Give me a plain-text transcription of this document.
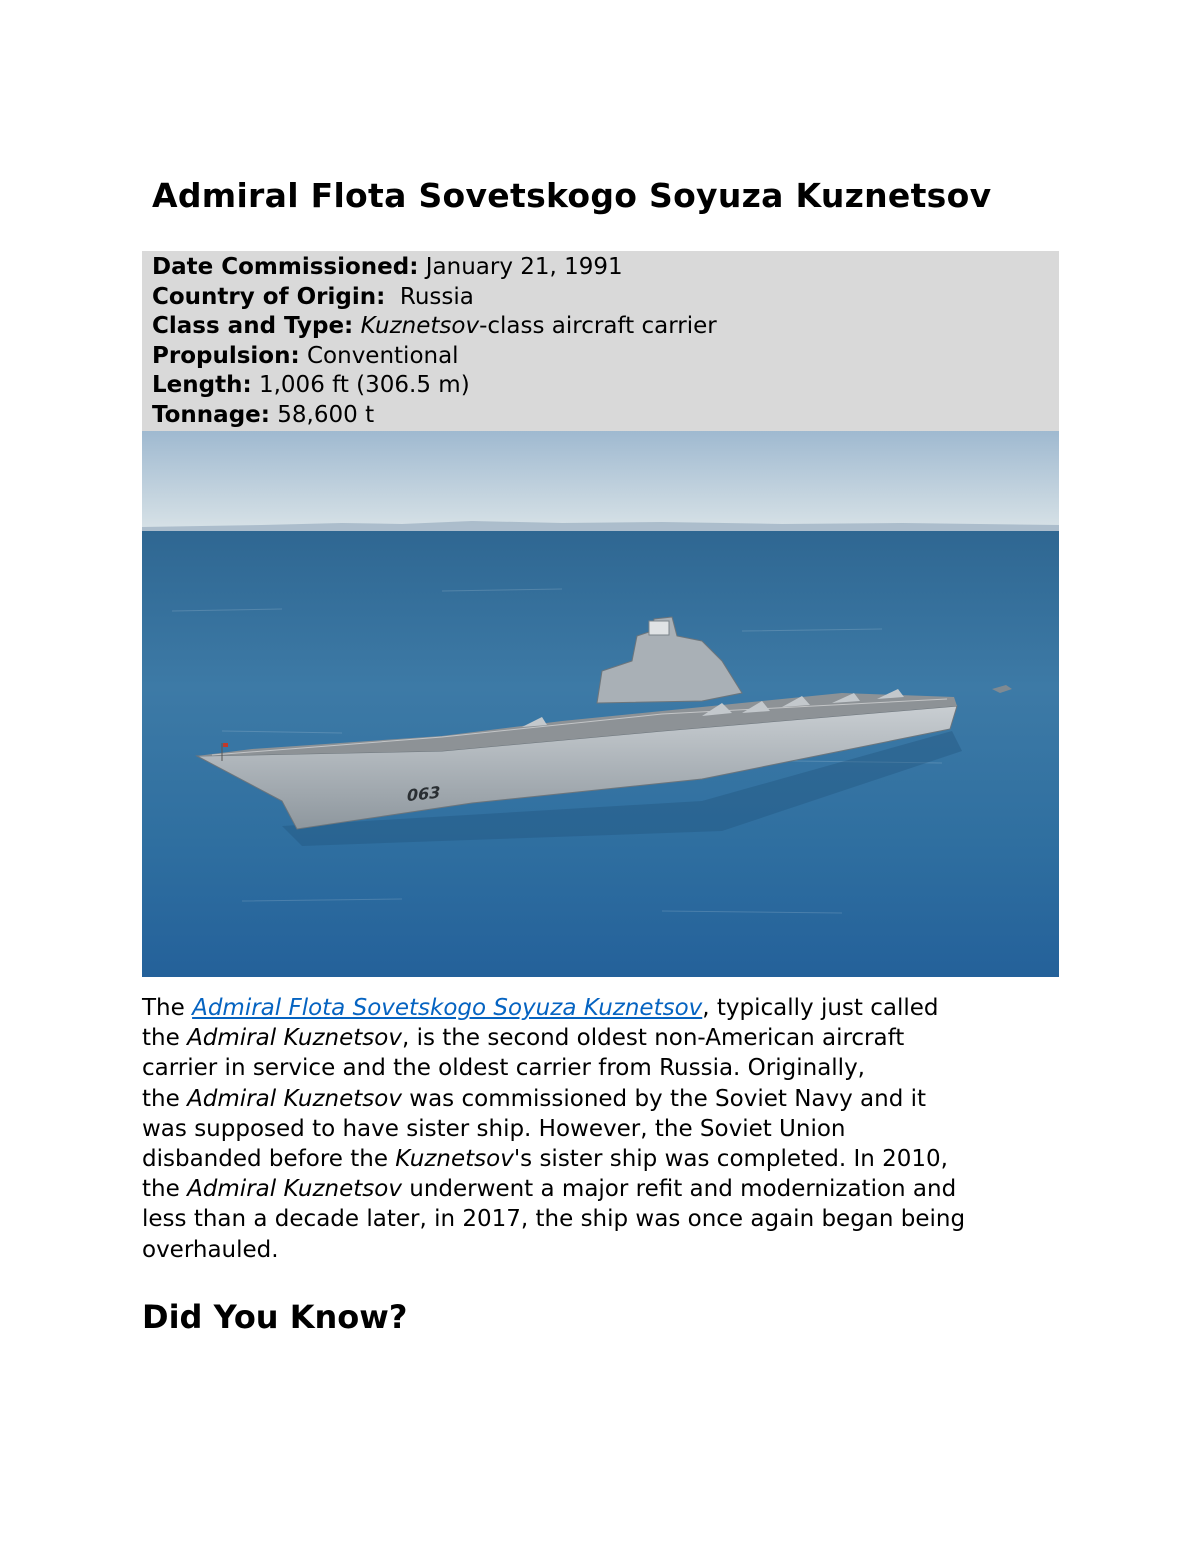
Admiral Flota Sovetskogo Soyuza Kuznetsov
Date Commissioned: January 21, 1991
Country of Origin:  Russia
Class and Type: Kuznetsov-class aircraft carrier
Propulsion: Conventional
Length: 1,006 ft (306.5 m)
Tonnage: 58,600 t
063
The Admiral Flota Sovetskogo Soyuza Kuznetsov, typically just called
the Admiral Kuznetsov, is the second oldest non-American aircraft
carrier in service and the oldest carrier from Russia. Originally,
the Admiral Kuznetsov was commissioned by the Soviet Navy and it
was supposed to have sister ship. However, the Soviet Union
disbanded before the Kuznetsov's sister ship was completed. In 2010,
the Admiral Kuznetsov underwent a major refit and modernization and
less than a decade later, in 2017, the ship was once again began being
overhauled.
Did You Know?
